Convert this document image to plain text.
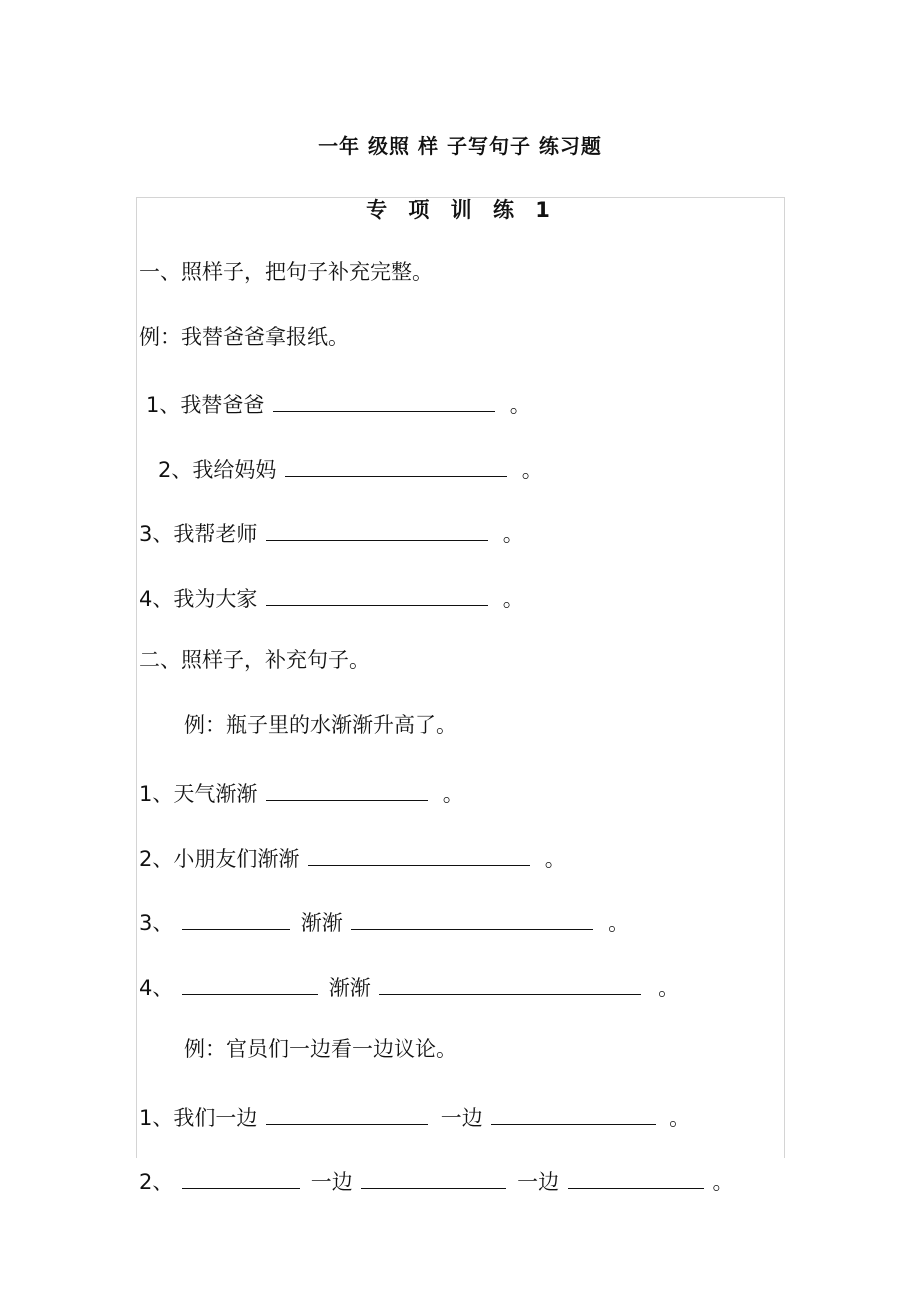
一年 级照 样 子写句子 练习题
专 项 训 练 1
一、照样子，把句子补充完整。
例：我替爸爸拿报纸。
1、我替爸爸	。
2、我给妈妈	。
3、我帮老师	。
4、我为大家	。
二、照样子，补充句子。
例：瓶子里的水渐渐升高了。
1、天气渐渐	。
2、小朋友们渐渐	。
3、	渐渐	。
4、	渐渐	。
例：官员们一边看一边议论。
1、我们一边	一边	。
2、	一边	一边	。
